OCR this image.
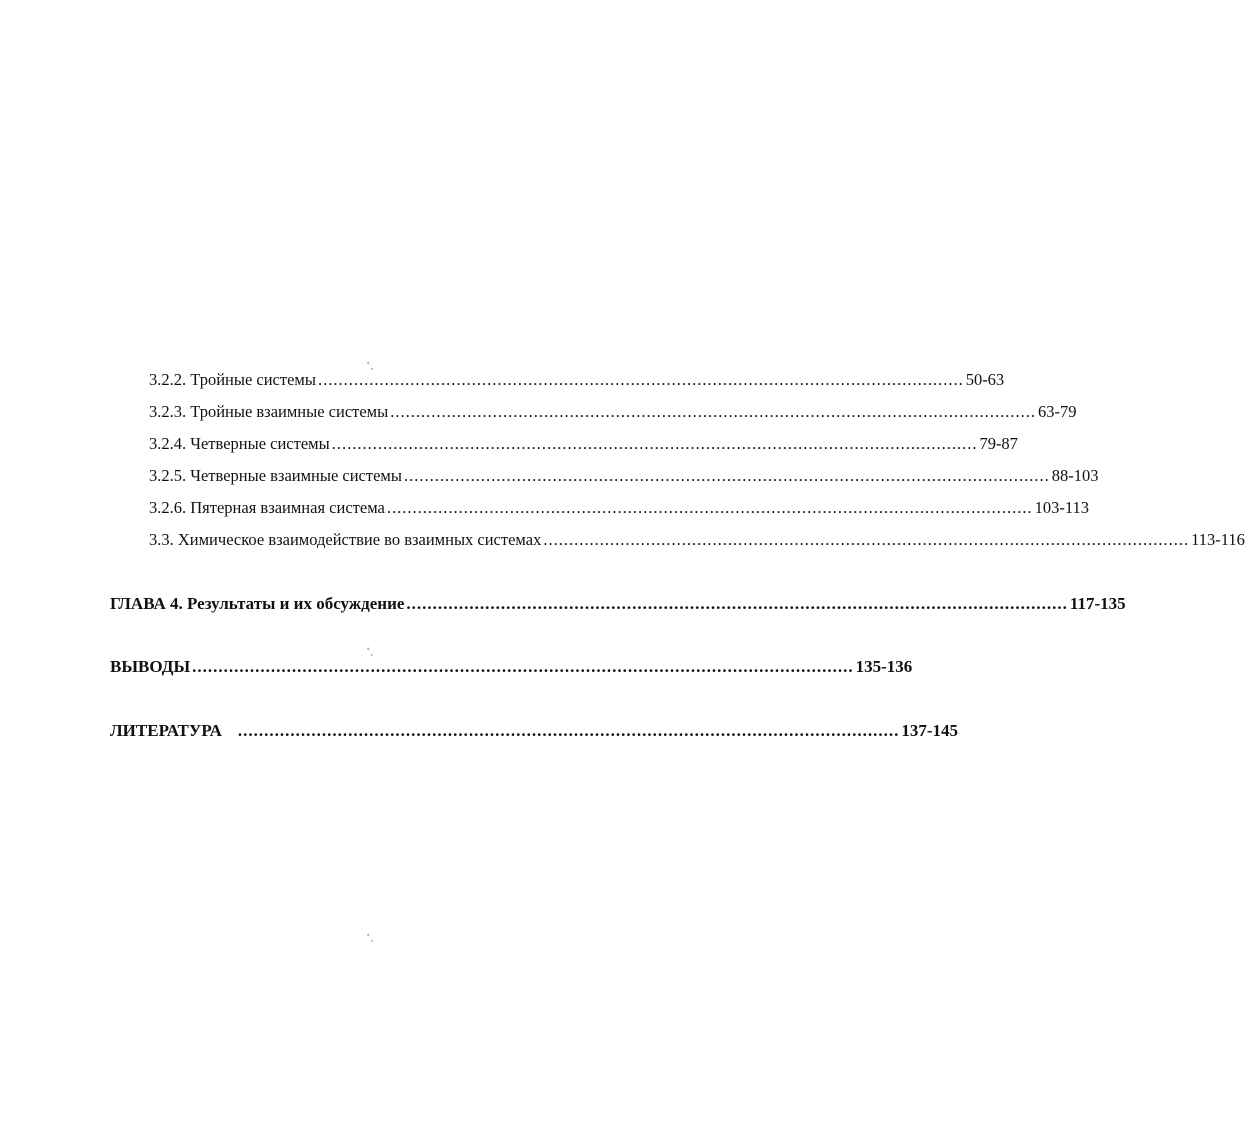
˂,
˂,
˂,
3.2.2. Тройные системы .............................................................................................................................. 50-63
3.2.3. Тройные взаимные системы .............................................................................................................................. 63-79
3.2.4. Четверные системы .............................................................................................................................. 79-87
3.2.5. Четверные взаимные системы .............................................................................................................................. 88-103
3.2.6. Пятерная взаимная система .............................................................................................................................. 103-113
3.3. Химическое взаимодействие во взаимных системах .............................................................................................................................. 113-116
ГЛАВА 4. Результаты и их обсуждение .............................................................................................................................. 117-135
ВЫВОДЫ .............................................................................................................................. 135-136
ЛИТЕРАТУРА .............................................................................................................................. 137-145
